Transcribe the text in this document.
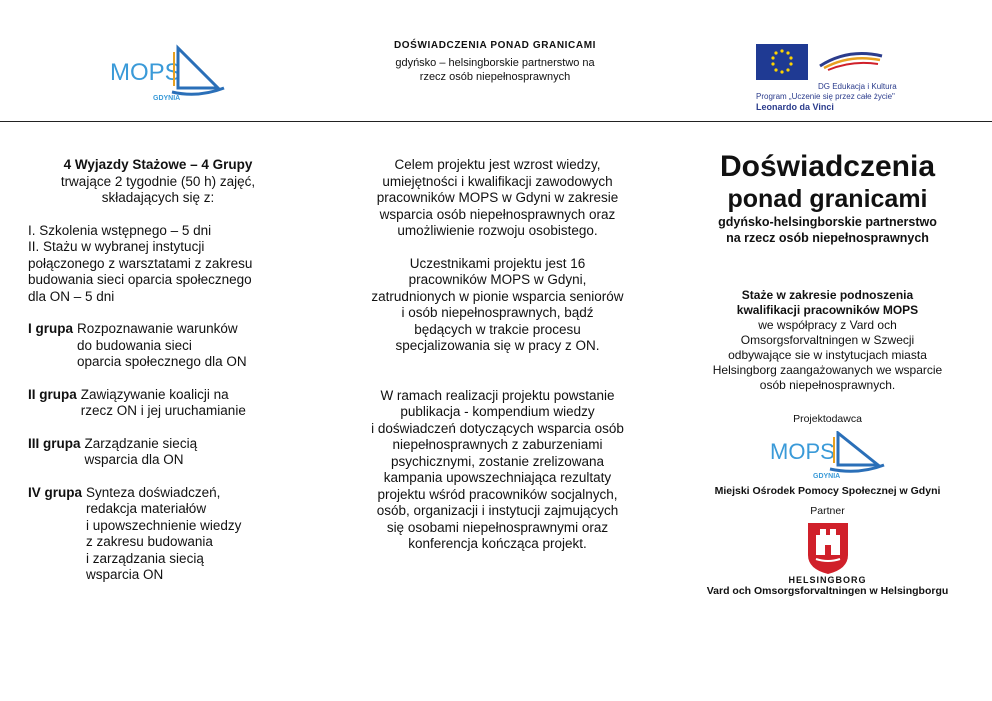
MOPS
GDYNIA
DOŚWIADCZENIA PONAD GRANICAMI
gdyńsko – helsingborskie partnerstwo na
rzecz osób niepełnosprawnych
DG Edukacja i Kultura
Program „Uczenie się przez całe życie"
Leonardo da Vinci
4 Wyjazdy Stażowe – 4 Grupy
trwające 2 tygodnie (50 h) zajęć,
składających się z:
I. Szkolenia wstępnego – 5 dni
II. Stażu w wybranej instytucji
połączonego z warsztatami z zakresu
budowania sieci oparcia społecznego
dla ON – 5 dni
I grupa Rozpoznawanie warunków
do budowania sieci
oparcia społecznego dla ON
II grupa Zawiązywanie koalicji na
rzecz ON i jej uruchamianie
III grupa Zarządzanie siecią
wsparcia dla ON
IV grupa Synteza doświadczeń,
redakcja materiałów
i upowszechnienie wiedzy
z zakresu budowania
i zarządzania siecią
wsparcia ON
Celem projektu jest wzrost wiedzy,
umiejętności i kwalifikacji zawodowych
pracowników MOPS w Gdyni w zakresie
wsparcia osób niepełnosprawnych oraz
umożliwienie rozwoju osobistego.
Uczestnikami projektu jest 16
pracowników MOPS w Gdyni,
zatrudnionych w pionie wsparcia seniorów
i osób niepełnosprawnych, bądź
będących w trakcie procesu
specjalizowania się w pracy z ON.
W ramach realizacji projektu powstanie
publikacja - kompendium wiedzy
i doświadczeń dotyczących wsparcia osób
niepełnosprawnych z zaburzeniami
psychicznymi, zostanie zrelizowana
kampania upowszechniająca rezultaty
projektu wśród pracowników socjalnych,
osób, organizacji i instytucji zajmujących
się osobami niepełnosprawnymi oraz
konferencja kończąca projekt.
Doświadczenia
ponad granicami
gdyńsko-helsingborskie partnerstwo
na rzecz osób niepełnosprawnych
Staże w zakresie podnoszenia
kwalifikacji pracowników MOPS
we współpracy z Vard och
Omsorgsforvaltningen w Szwecji
odbywające sie w instytucjach miasta
Helsingborg zaangażowanych we wsparcie
osób niepełnosprawnych.
Projektodawca
MOPS
GDYNIA
Miejski Ośrodek Pomocy Społecznej w Gdyni
Partner
HELSINGBORG
Vard och Omsorgsforvaltningen w Helsingborgu
